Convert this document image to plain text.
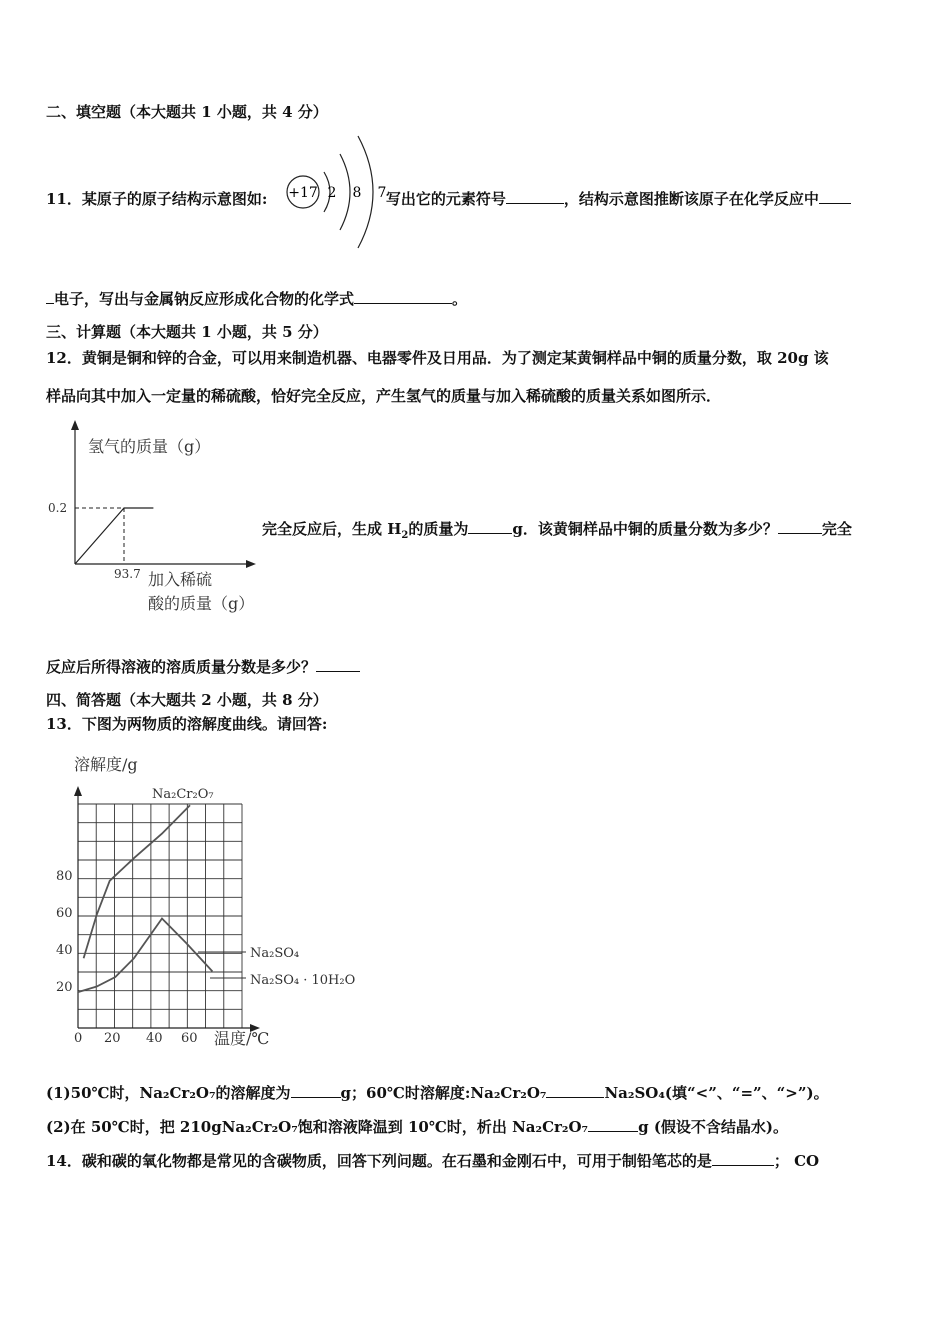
二、填空题（本大题共 1 小题，共 4 分）
11．某原子的原子结构示意图如:	写出它的元素符号	，结构示意图推断该原子在化学反应中
+17 2 8 7
电子，写出与金属钠反应形成化合物的化学式	。
三、计算题（本大题共 1 小题，共 5 分）
12．黄铜是铜和锌的合金，可以用来制造机器、电器零件及日用品．为了测定某黄铜样品中铜的质量分数，取 20g 该
样品向其中加入一定量的稀硫酸，恰好完全反应，产生氢气的质量与加入稀硫酸的质量关系如图所示．
氢气的质量（g）
0.2
93.7 加入稀硫
酸的质量（g）
完全反应后，生成 $H_2$的质量为	g．该黄铜样品中铜的质量分数为多少？	完全
反应后所得溶液的溶质质量分数是多少？
四、简答题（本大题共 2 小题，共 8 分）
13．下图为两物质的溶解度曲线。请回答:
溶解度/g
Na₂Cr₂O₇
Na₂SO₄
Na₂SO₄ · 10H₂O
80
60
40
20
0 20 40 60 温度/℃
(1)50℃时，Na₂Cr₂O₇的溶解度为	g；60℃时溶解度:Na₂Cr₂O₇	Na₂SO₄(填“<”、“=”、“>”)。
(2)在 50℃时，把 210gNa₂Cr₂O₇饱和溶液降温到 10℃时，析出 Na₂Cr₂O₇	g (假设不含结晶水)。
14．碳和碳的氧化物都是常见的含碳物质，回答下列问题。在石墨和金刚石中，可用于制铅笔芯的是	； CO
